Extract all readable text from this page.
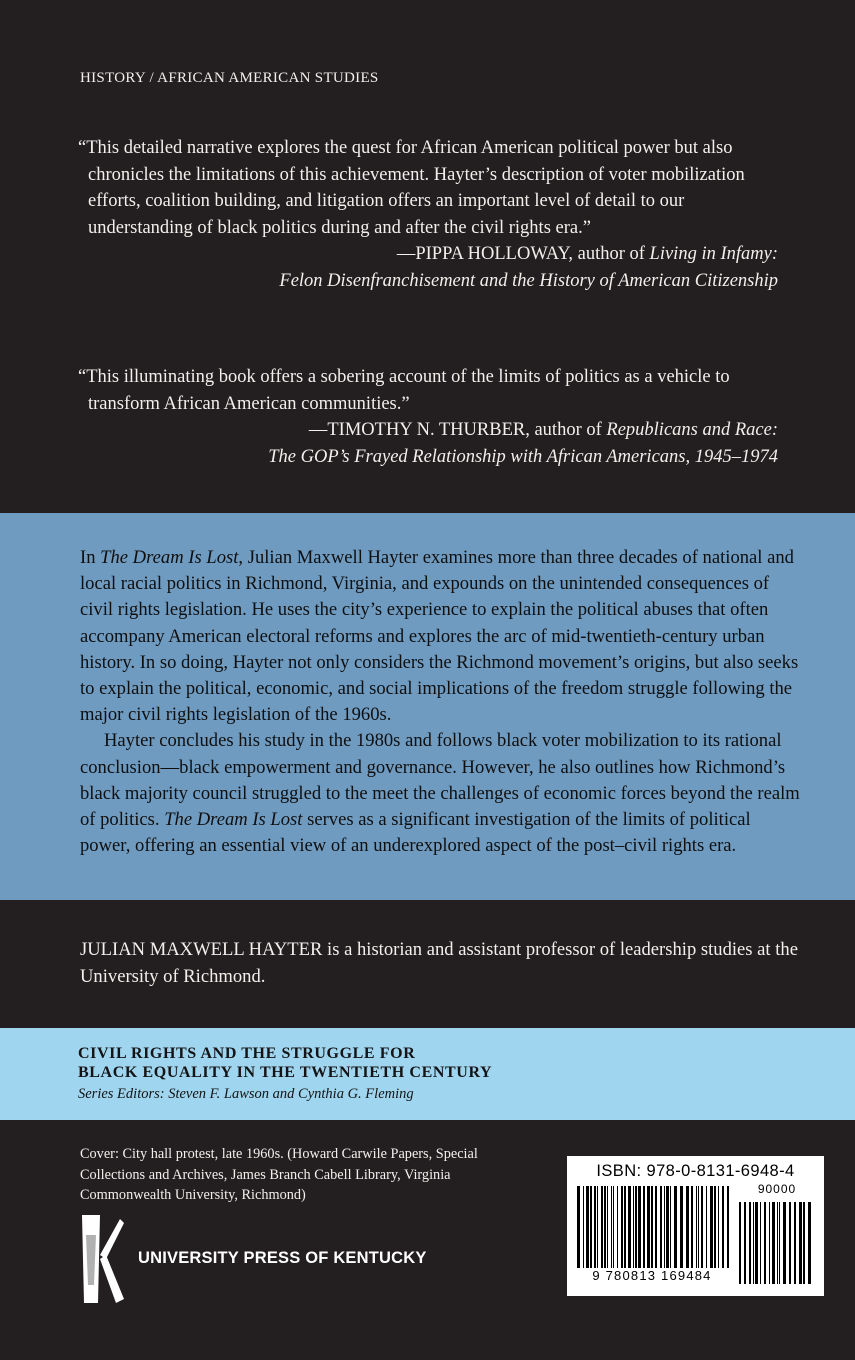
HISTORY / AFRICAN AMERICAN STUDIES

“This detailed narrative explores the quest for African American political power but also chronicles the limitations of this achievement. Hayter’s description of voter mobilization efforts, coalition building, and litigation offers an important level of detail to our understanding of black politics during and after the civil rights era.”

—PIPPA HOLLOWAY, author of Living in Infamy:
Felon Disenfranchisement and the History of American Citizenship

“This illuminating book offers a sobering account of the limits of politics as a vehicle to transform African American communities.”

—TIMOTHY N. THURBER, author of Republicans and Race:
The GOP’s Frayed Relationship with African Americans, 1945–1974

In The Dream Is Lost, Julian Maxwell Hayter examines more than three decades of national and local racial politics in Richmond, Virginia, and expounds on the unintended consequences of civil rights legislation. He uses the city’s experience to explain the political abuses that often accompany American electoral reforms and explores the arc of mid-twentieth-century urban history. In so doing, Hayter not only considers the Richmond movement’s origins, but also seeks to explain the political, economic, and social implications of the freedom struggle following the major civil rights legislation of the 1960s.

Hayter concludes his study in the 1980s and follows black voter mobilization to its rational conclusion—black empowerment and governance. However, he also outlines how Richmond’s black majority council struggled to the meet the challenges of economic forces beyond the realm of politics. The Dream Is Lost serves as a significant investigation of the limits of political power, offering an essential view of an underexplored aspect of the post–civil rights era.

JULIAN MAXWELL HAYTER is a historian and assistant professor of leadership studies at the University of Richmond.
CIVIL RIGHTS AND THE STRUGGLE FOR
BLACK EQUALITY IN THE TWENTIETH CENTURY
Series Editors: Steven F. Lawson and Cynthia G. Fleming
Cover: City hall protest, late 1960s. (Howard Carwile Papers, Special Collections and Archives, James Branch Cabell Library, Virginia Commonwealth University, Richmond)
UNIVERSITY PRESS OF KENTUCKY
ISBN: 978-0-8131-6948-4
90000
9 780813 169484
